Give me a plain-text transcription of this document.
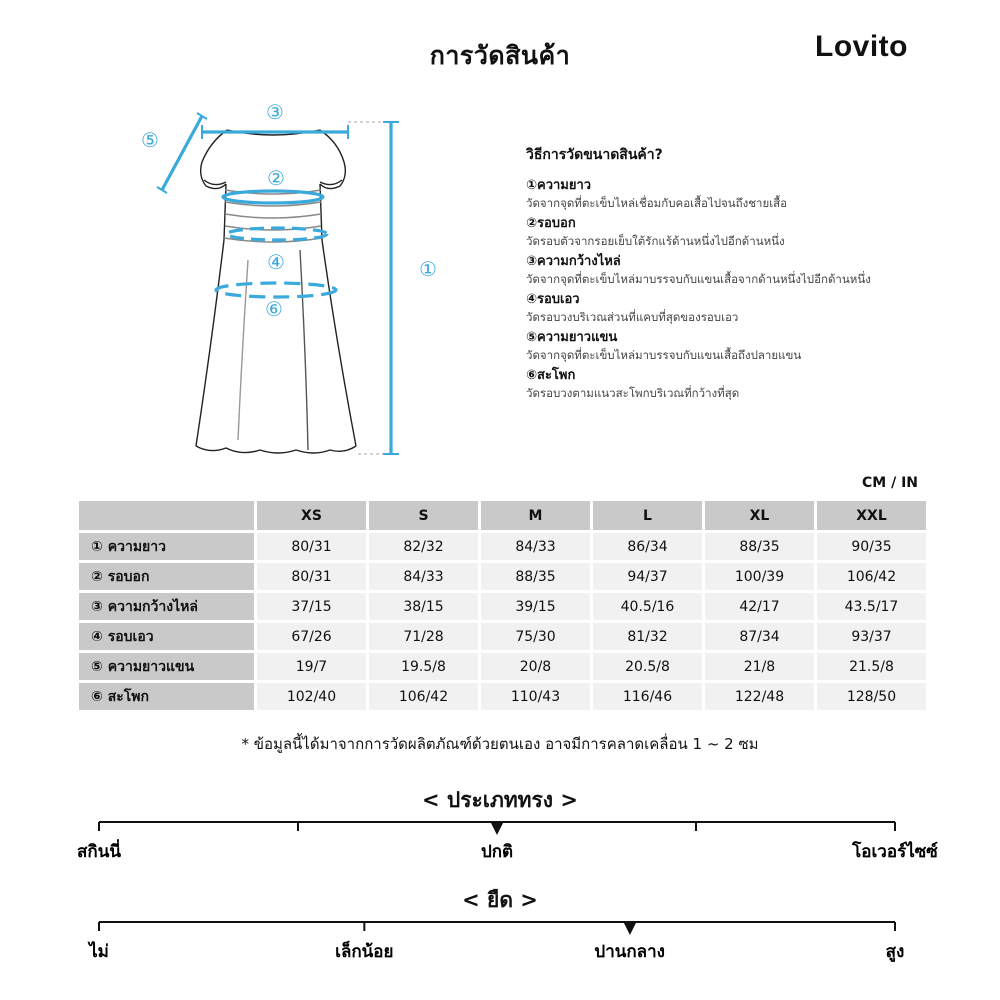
การวัดสินค้า	Lovito
③
⑤
②
④
⑥
①
วิธีการวัดขนาดสินค้า?
①ความยาว
วัดจากจุดที่ตะเข็บไหล่เชื่อมกับคอเสื้อไปจนถึงชายเสื้อ
②รอบอก
วัดรอบตัวจากรอยเย็บใต้รักแร้ด้านหนึ่งไปอีกด้านหนึ่ง
③ความกว้างไหล่
วัดจากจุดที่ตะเข็บไหล่มาบรรจบกับแขนเสื้อจากด้านหนึ่งไปอีกด้านหนึ่ง
④รอบเอว
วัดรอบวงบริเวณส่วนที่แคบที่สุดของรอบเอว
⑤ความยาวแขน
วัดจากจุดที่ตะเข็บไหล่มาบรรจบกับแขนเสื้อถึงปลายแขน
⑥สะโพก
วัดรอบวงตามแนวสะโพกบริเวณที่กว้างที่สุด
CM / IN
	XS	S	M	L	XL	XXL
① ความยาว	80/31	82/32	84/33	86/34	88/35	90/35
② รอบอก	80/31	84/33	88/35	94/37	100/39	106/42
③ ความกว้างไหล่	37/15	38/15	39/15	40.5/16	42/17	43.5/17
④ รอบเอว	67/26	71/28	75/30	81/32	87/34	93/37
⑤ ความยาวแขน	19/7	19.5/8	20/8	20.5/8	21/8	21.5/8
⑥ สะโพก	102/40	106/42	110/43	116/46	122/48	128/50
* ข้อมูลนี้ได้มาจากการวัดผลิตภัณฑ์ด้วยตนเอง อาจมีการคลาดเคลื่อน 1 ~ 2 ซม
< ประเภททรง >
สกินนี่	ปกติ	โอเวอร์ไซซ์
< ยืด >
ไม่	เล็กน้อย	ปานกลาง	สูง
